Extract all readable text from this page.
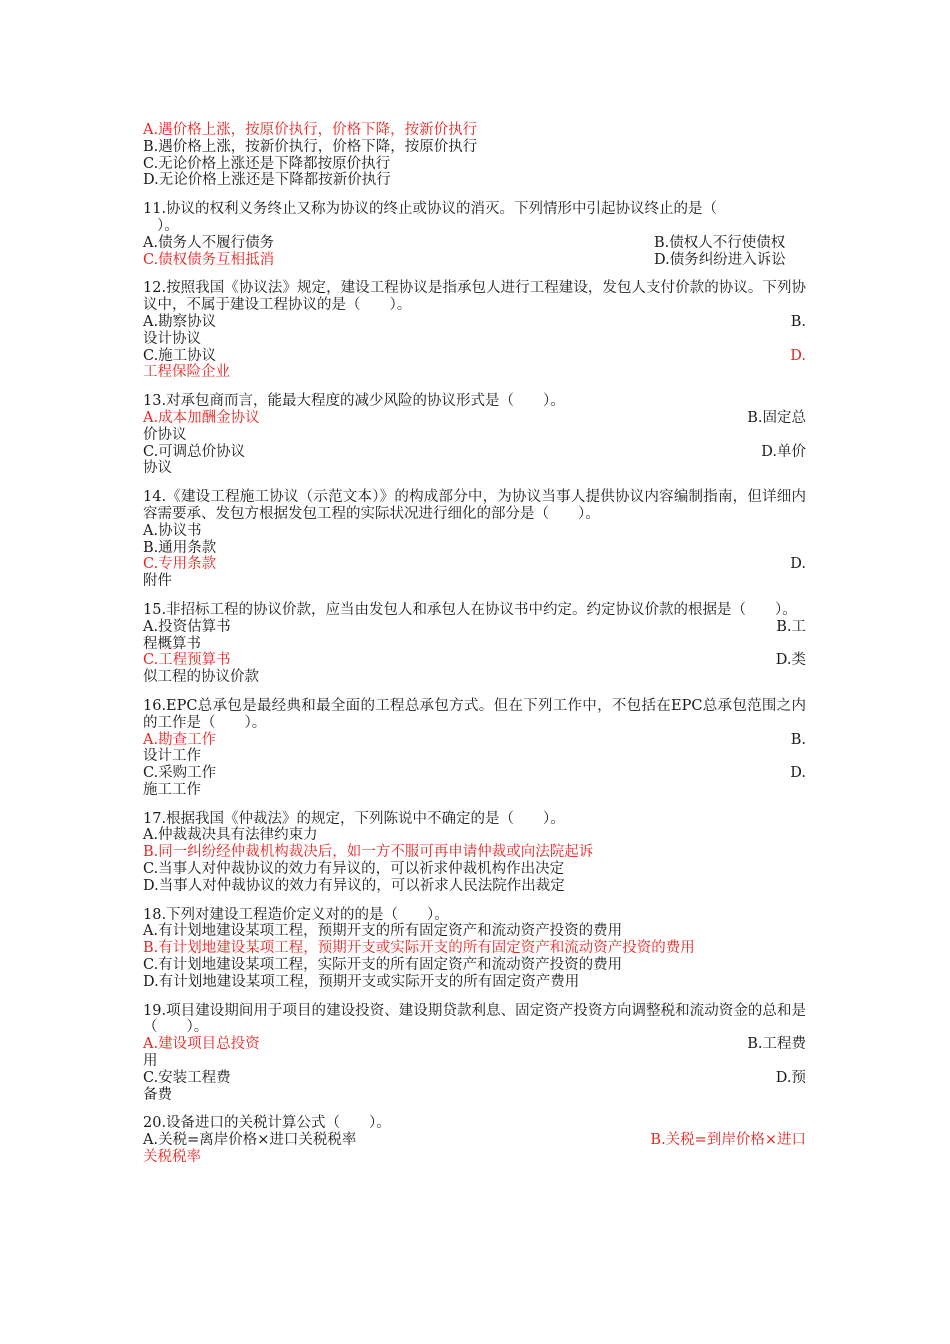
A.遇价格上涨，按原价执行，价格下降，按新价执行
B.遇价格上涨，按新价执行，价格下降，按原价执行
C.无论价格上涨还是下降都按原价执行
D.无论价格上涨还是下降都按新价执行
11.协议的权利义务终止又称为协议的终止或协议的消灭。下列情形中引起协议终止的是（
）。
A.债务人不履行债务	B.债权人不行使债权
C.债权债务互相抵消	D.债务纠纷进入诉讼
12.按照我国《协议法》规定，建设工程协议是指承包人进行工程建设，发包人支付价款的协议。下列协议中，不属于建设工程协议的是（　　）。
A.勘察协议	B.
设计协议
C.施工协议	D.
工程保险企业
13.对承包商而言，能最大程度的减少风险的协议形式是（　　）。
A.成本加酬金协议	B.固定总
价协议
C.可调总价协议	D.单价
协议
14.《建设工程施工协议（示范文本）》的构成部分中，为协议当事人提供协议内容编制指南，但详细内容需要承、发包方根据发包工程的实际状况进行细化的部分是（　　）。
A.协议书
B.通用条款
C.专用条款	D.
附件
15.非招标工程的协议价款，应当由发包人和承包人在协议书中约定。约定协议价款的根据是（　　）。
A.投资估算书	B.工
程概算书
C.工程预算书	D.类
似工程的协议价款
16.EPC总承包是最经典和最全面的工程总承包方式。但在下列工作中，不包括在EPC总承包范围之内的工作是（　　）。
A.勘查工作	B.
设计工作
C.采购工作	D.
施工工作
17.根据我国《仲裁法》的规定，下列陈说中不确定的是（　　）。
A.仲裁裁决具有法律约束力
B.同一纠纷经仲裁机构裁决后，如一方不服可再申请仲裁或向法院起诉
C.当事人对仲裁协议的效力有异议的，可以祈求仲裁机构作出决定
D.当事人对仲裁协议的效力有异议的，可以祈求人民法院作出裁定
18.下列对建设工程造价定义对的的是（　　）。
A.有计划地建设某项工程，预期开支的所有固定资产和流动资产投资的费用
B.有计划地建设某项工程，预期开支或实际开支的所有固定资产和流动资产投资的费用
C.有计划地建设某项工程，实际开支的所有固定资产和流动资产投资的费用
D.有计划地建设某项工程，预期开支或实际开支的所有固定资产费用
19.项目建设期间用于项目的建设投资、建设期贷款利息、固定资产投资方向调整税和流动资金的总和是（　　）。
A.建设项目总投资	B.工程费
用
C.安装工程费	D.预
备费
20.设备进口的关税计算公式（　　）。
A.关税=离岸价格×进口关税税率	B.关税=到岸价格×进口
关税税率
